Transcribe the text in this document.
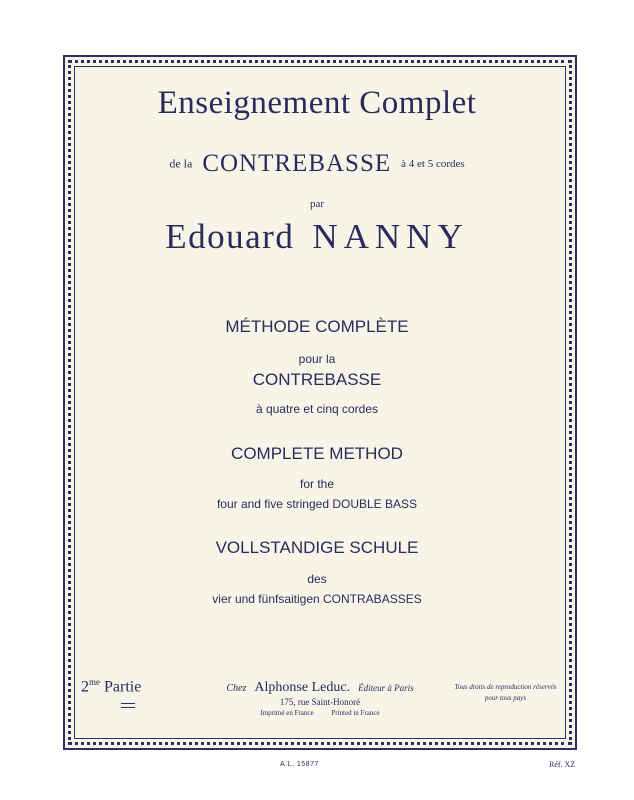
Enseignement Complet
de la CONTREBASSE à 4 et 5 cordes
par
Edouard NANNY
MÉTHODE COMPLÈTE
pour la
CONTREBASSE
à quatre et cinq cordes
COMPLETE METHOD
for the
four and five stringed DOUBLE BASS
VOLLSTANDIGE SCHULE
des
vier und fünfsaitigen CONTRABASSES
$2^{me}$ Partie	Chez Alphonse Leduc. Éditeur à Paris
175, rue Saint-Honoré
Imprimé en France	Printed in France
Tous droits de reproduction réservés
pour tous pays
A.L. 15877	Réf. XZ
